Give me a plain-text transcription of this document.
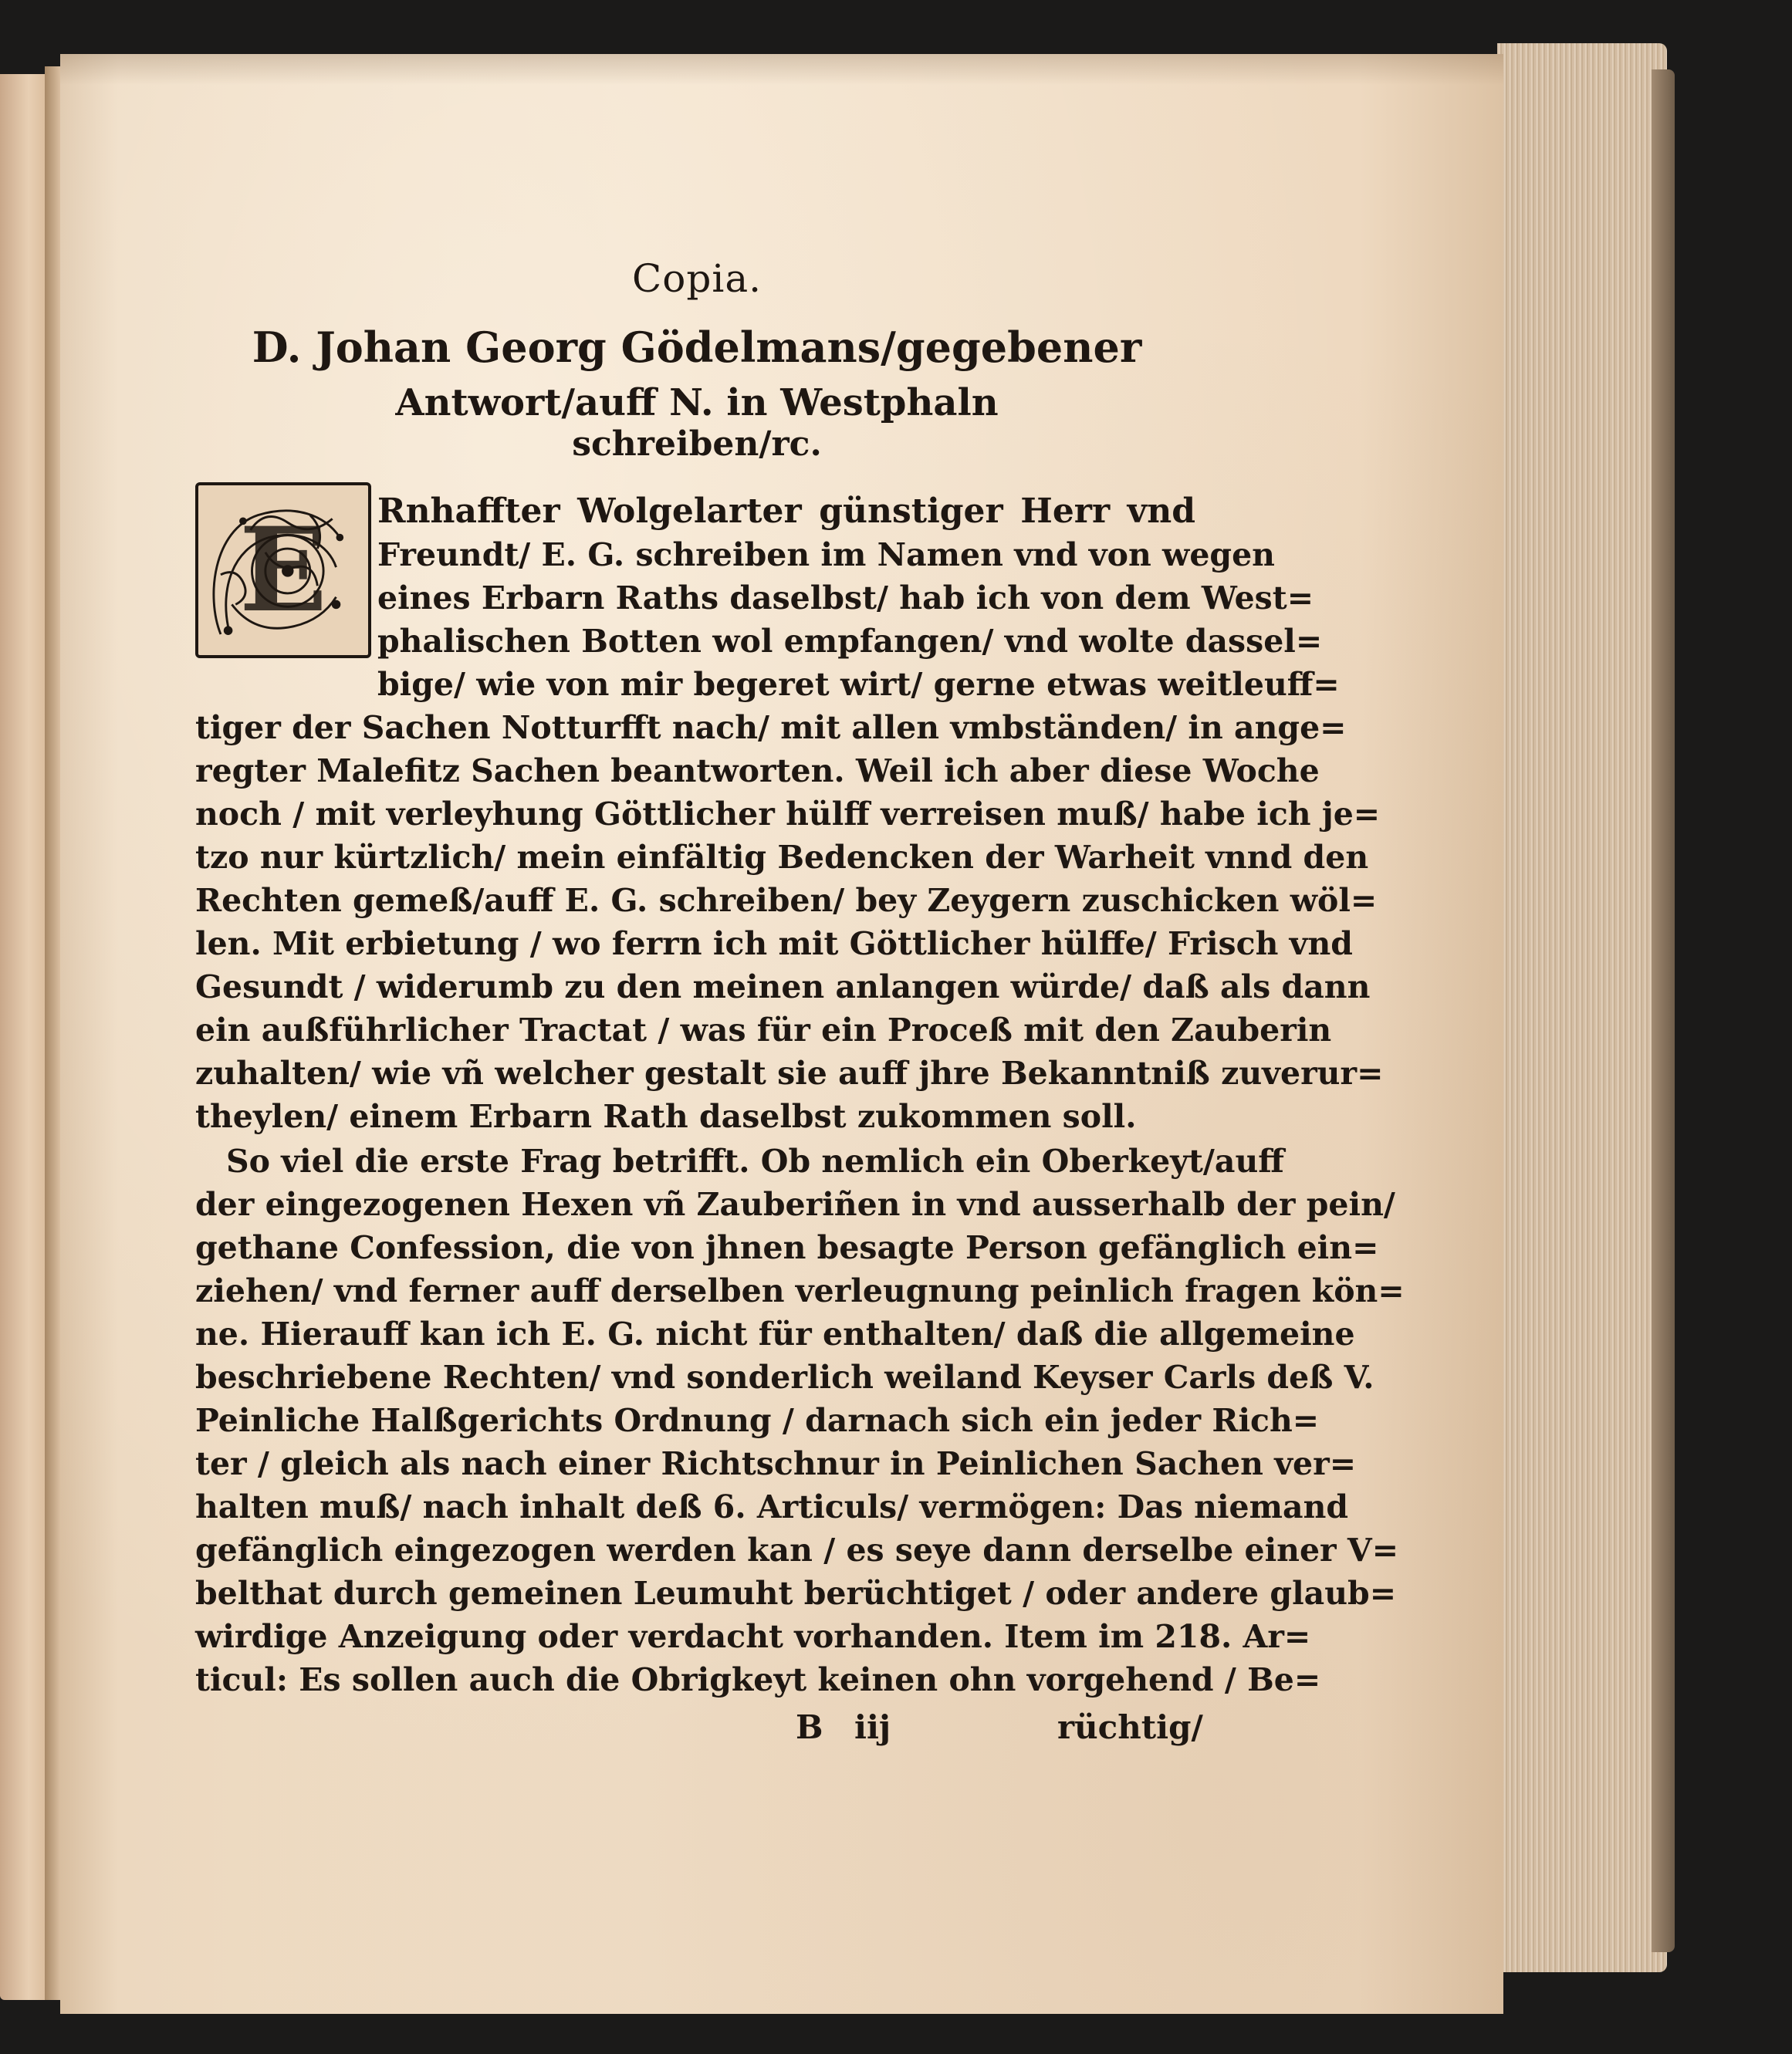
Copia.
D. Johan Georg Gödelmans/gegebener
Antwort/auff N. in Westphaln
schreiben/rc.
E	Rnhaffter Wolgelarter günstiger Herr vnd

Freundt/ E. G. schreiben im Namen vnd von wegen

eines Erbarn Raths daselbst/ hab ich von dem West=

phalischen Botten wol empfangen/ vnd wolte dassel=

bige/ wie von mir begeret wirt/ gerne etwas weitleuff=

tiger der Sachen Notturfft nach/ mit allen vmbständen/ in ange=

regter Malefitz Sachen beantworten. Weil ich aber diese Woche

noch / mit verleyhung Göttlicher hülff verreisen muß/ habe ich je=

tzo nur kürtzlich/ mein einfältig Bedencken der Warheit vnnd den

Rechten gemeß/auff E. G. schreiben/ bey Zeygern zuschicken wöl=

len. Mit erbietung / wo ferrn ich mit Göttlicher hülffe/ Frisch vnd

Gesundt / widerumb zu den meinen anlangen würde/ daß als dann

ein außführlicher Tractat / was für ein Proceß mit den Zauberin

zuhalten/ wie vñ welcher gestalt sie auff jhre Bekanntniß zuverur=

theylen/ einem Erbarn Rath daselbst zukommen soll.

So viel die erste Frag betrifft. Ob nemlich ein Oberkeyt/auff

der eingezogenen Hexen vñ Zauberiñen in vnd ausserhalb der pein/

gethane Confession, die von jhnen besagte Person gefänglich ein=

ziehen/ vnd ferner auff derselben verleugnung peinlich fragen kön=

ne. Hierauff kan ich E. G. nicht für enthalten/ daß die allgemeine

beschriebene Rechten/ vnd sonderlich weiland Keyser Carls deß V.

Peinliche Halßgerichts Ordnung / darnach sich ein jeder Rich=

ter / gleich als nach einer Richtschnur in Peinlichen Sachen ver=

halten muß/ nach inhalt deß 6. Articuls/ vermögen: Das niemand

gefänglich eingezogen werden kan / es seye dann derselbe einer V=

belthat durch gemeinen Leumuht berüchtiget / oder andere glaub=

wirdige Anzeigung oder verdacht vorhanden. Item im 218. Ar=

ticul: Es sollen auch die Obrigkeyt keinen ohn vorgehend / Be=

B iij	rüchtig/
